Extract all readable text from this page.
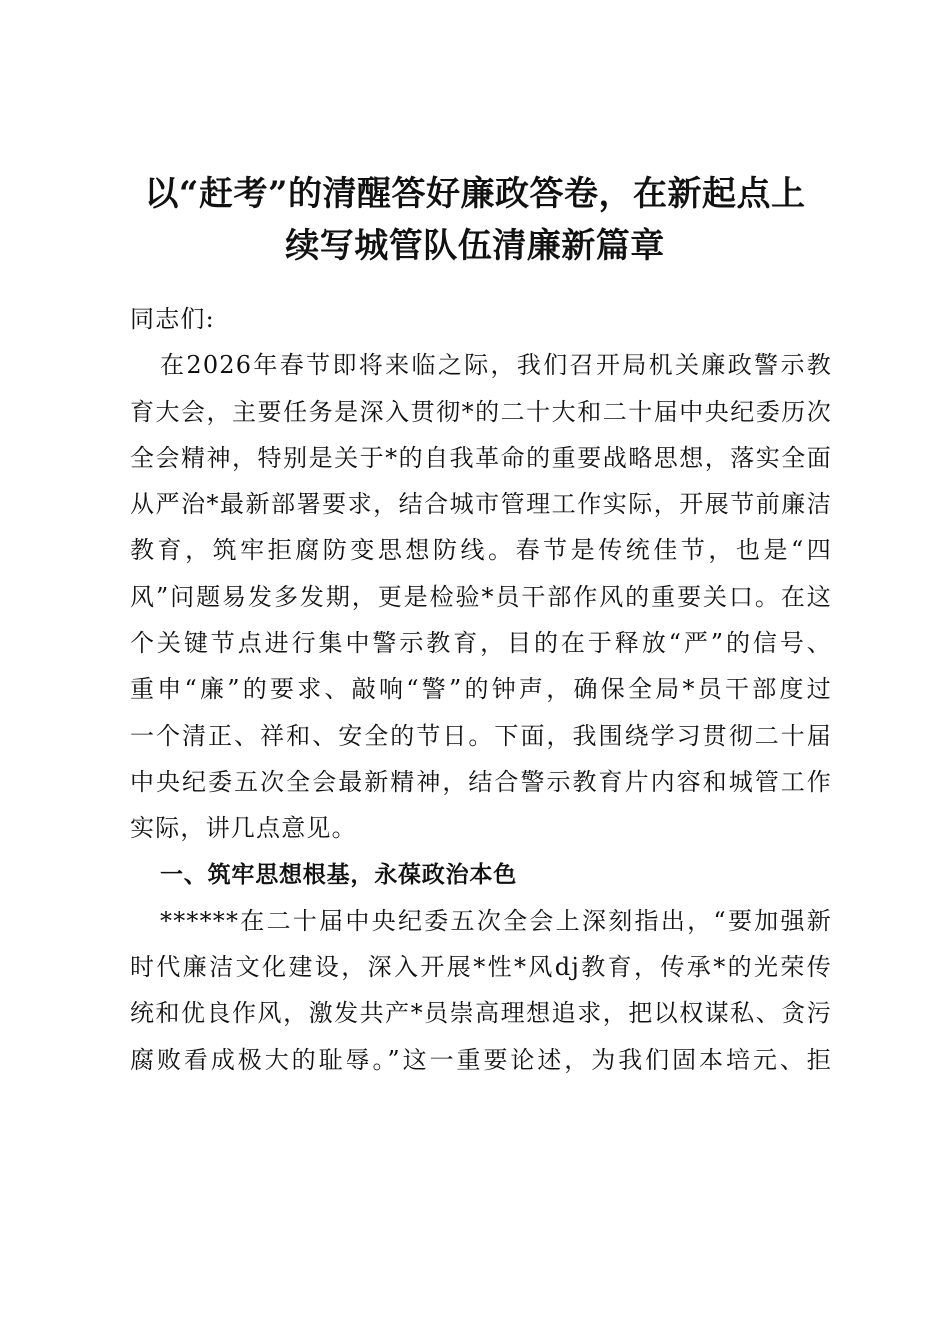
以“赶考”的清醒答好廉政答卷，在新起点上
续写城管队伍清廉新篇章
同志们:
在2026年春节即将来临之际，我们召开局机关廉政警示教
育大会，主要任务是深入贯彻*的二十大和二十届中央纪委历次
全会精神，特别是关于*的自我革命的重要战略思想，落实全面
从严治*最新部署要求，结合城市管理工作实际，开展节前廉洁
教育，筑牢拒腐防变思想防线。春节是传统佳节，也是“四
风”问题易发多发期，更是检验*员干部作风的重要关口。在这
个关键节点进行集中警示教育，目的在于释放“严”的信号、
重申“廉”的要求、敲响“警”的钟声，确保全局*员干部度过
一个清正、祥和、安全的节日。下面，我围绕学习贯彻二十届
中央纪委五次全会最新精神，结合警示教育片内容和城管工作
实际，讲几点意见。
一、筑牢思想根基，永葆政治本色
******在二十届中央纪委五次全会上深刻指出，“要加强新
时代廉洁文化建设，深入开展*性*风dj教育，传承*的光荣传
统和优良作风，激发共产*员崇高理想追求，把以权谋私、贪污
腐败看成极大的耻辱。”这一重要论述，为我们固本培元、拒
